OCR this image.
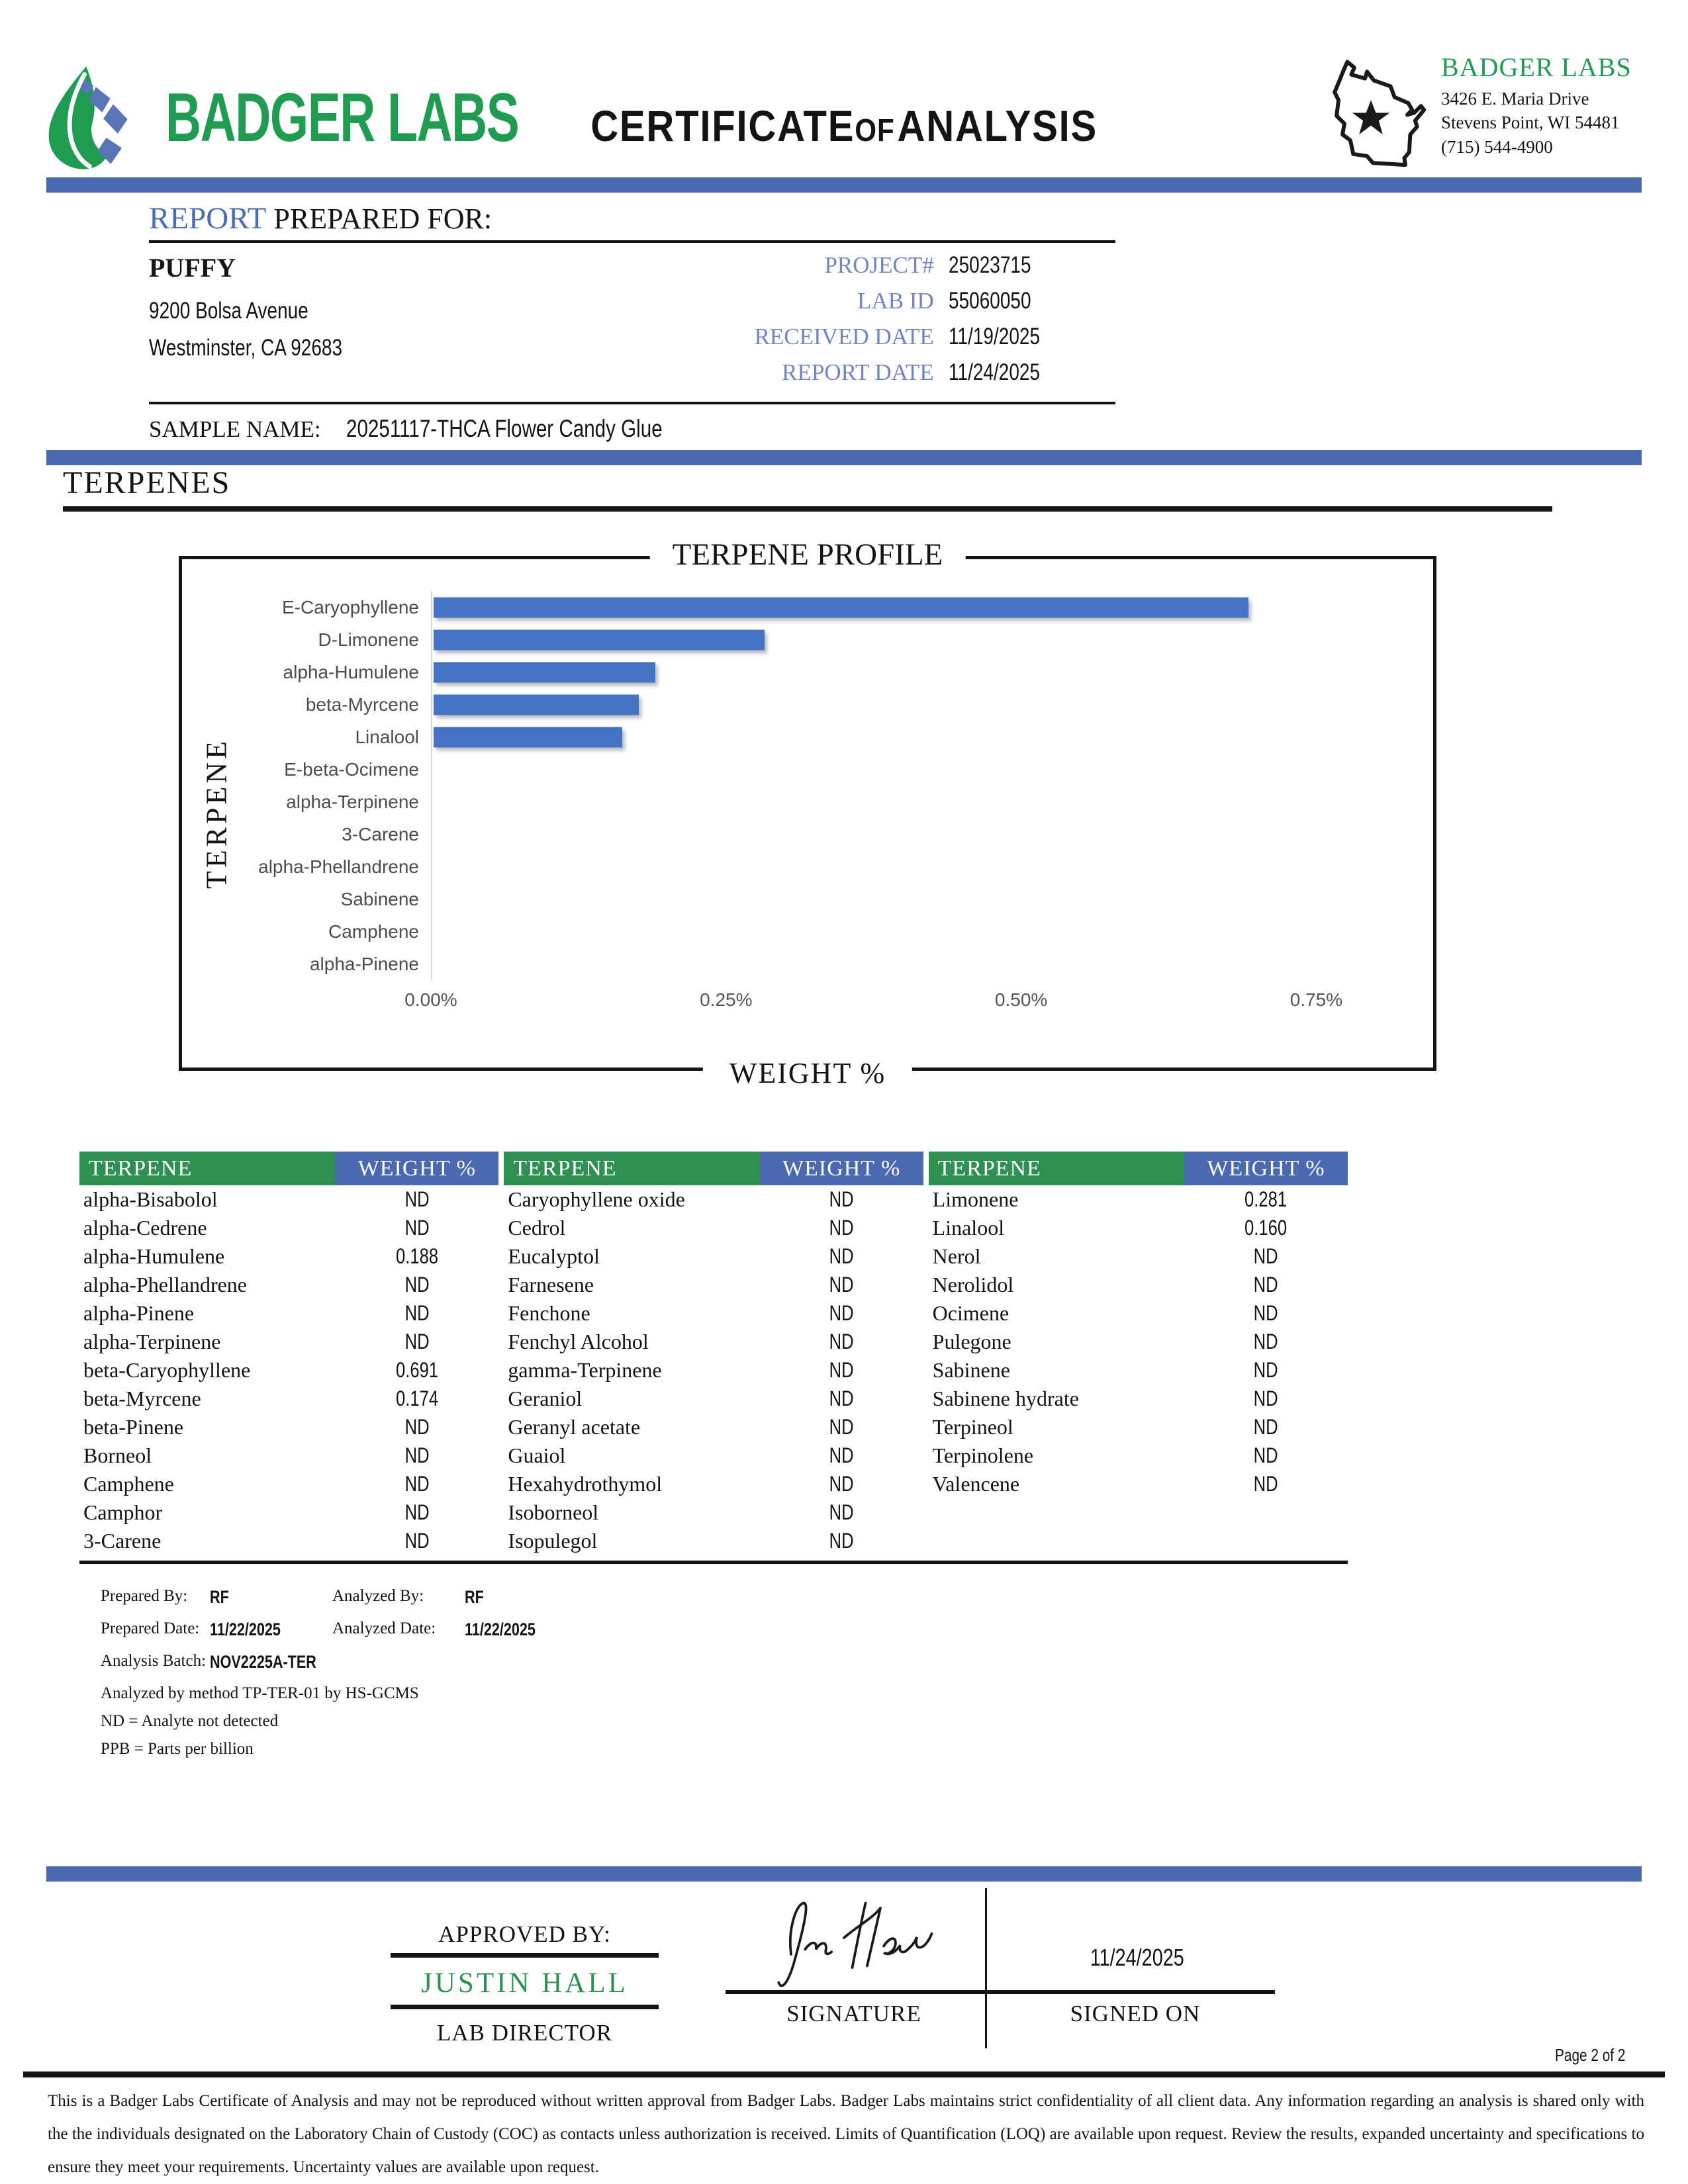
BADGER LABS	CERTIFICATEOF ANALYSIS
BADGER LABS
3426 E. Maria Drive
Stevens Point, WI 54481
(715) 544-4900
REPORT PREPARED FOR:
PUFFY
9200 Bolsa Avenue
Westminster, CA 92683
PROJECT# 25023715
LAB ID 55060050
RECEIVED DATE 11/19/2025
REPORT DATE 11/24/2025
SAMPLE NAME: 20251117-THCA Flower Candy Glue
TERPENES
TERPENE PROFILE
TERPENE
WEIGHT %
E-Caryophyllene
D-Limonene
alpha-Humulene
beta-Myrcene
Linalool
E-beta-Ocimene
alpha-Terpinene
3-Carene
alpha-Phellandrene
Sabinene
Camphene
alpha-Pinene
0.00%	0.25%	0.50%	0.75%
TERPENE	WEIGHT %
alpha-Bisabolol	ND
alpha-Cedrene	ND
alpha-Humulene	0.188
alpha-Phellandrene	ND
alpha-Pinene	ND
alpha-Terpinene	ND
beta-Caryophyllene	0.691
beta-Myrcene	0.174
beta-Pinene	ND
Borneol	ND
Camphene	ND
Camphor	ND
3-Carene	ND
TERPENE	WEIGHT %
Caryophyllene oxide	ND
Cedrol	ND
Eucalyptol	ND
Farnesene	ND
Fenchone	ND
Fenchyl Alcohol	ND
gamma-Terpinene	ND
Geraniol	ND
Geranyl acetate	ND
Guaiol	ND
Hexahydrothymol	ND
Isoborneol	ND
Isopulegol	ND
TERPENE	WEIGHT %
Limonene	0.281
Linalool	0.160
Nerol	ND
Nerolidol	ND
Ocimene	ND
Pulegone	ND
Sabinene	ND
Sabinene hydrate	ND
Terpineol	ND
Terpinolene	ND
Valencene	ND
Prepared By:	RF	Analyzed By:	RF
Prepared Date: 11/22/2025	Analyzed Date:	11/22/2025
Analysis Batch: NOV2225A-TER
Analyzed by method TP-TER-01 by HS-GCMS
ND = Analyte not detected
PPB = Parts per billion
APPROVED BY:
JUSTIN HALL
LAB DIRECTOR
11/24/2025
SIGNATURE	SIGNED ON
Page 2 of 2
This is a Badger Labs Certificate of Analysis and may not be reproduced without written approval from Badger Labs. Badger Labs maintains strict confidentiality of all client data. Any information regarding an analysis is shared only with the the individuals designated on the Laboratory Chain of Custody (COC) as contacts unless authorization is received. Limits of Quantification (LOQ) are available upon request. Review the results, expanded uncertainty and specifications to ensure they meet your requirements. Uncertainty values are available upon request.
